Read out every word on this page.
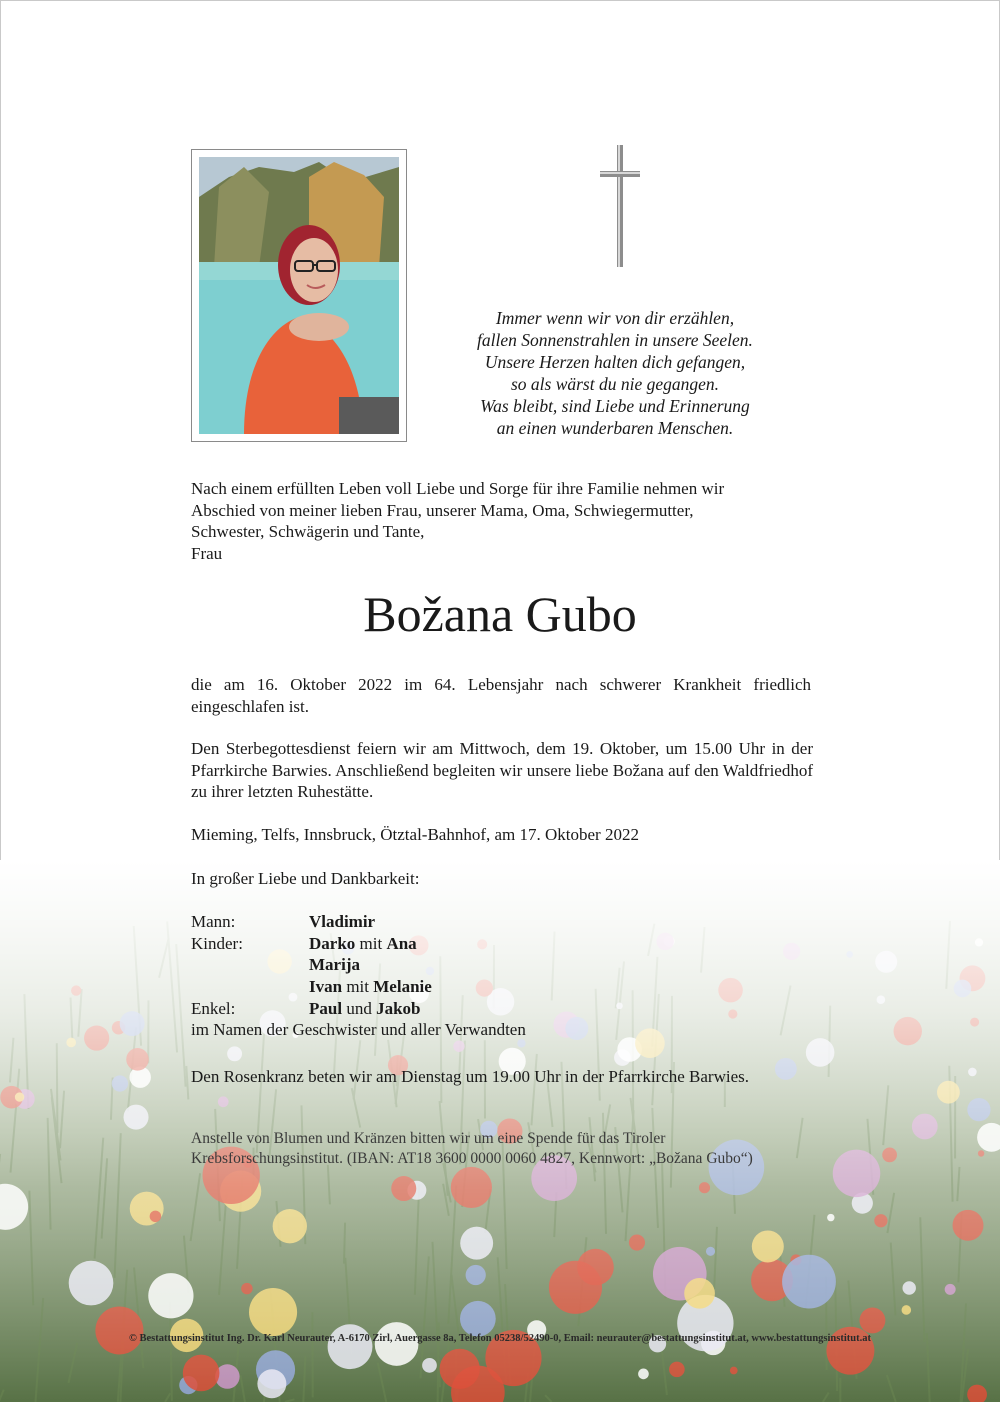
Immer wenn wir von dir erzählen,
fallen Sonnenstrahlen in unsere Seelen.
Unsere Herzen halten dich gefangen,
so als wärst du nie gegangen.
Was bleibt, sind Liebe und Erinnerung
an einen wunderbaren Menschen.
Nach einem erfüllten Leben voll Liebe und Sorge für ihre Familie nehmen wir
Abschied von meiner lieben Frau, unserer Mama, Oma, Schwiegermutter,
Schwester, Schwägerin und Tante,
Frau
Božana Gubo
die am 16. Oktober 2022 im 64. Lebensjahr nach schwerer Krankheit friedlich eingeschlafen ist.
Den Sterbegottesdienst feiern wir am Mittwoch, dem 19. Oktober, um 15.00 Uhr in der Pfarrkirche Barwies. Anschließend begleiten wir unsere liebe Božana auf den Waldfriedhof zu ihrer letzten Ruhestätte.
Mieming, Telfs, Innsbruck, Ötztal-Bahnhof, am 17. Oktober 2022
In großer Liebe und Dankbarkeit:
Mann:	Vladimir
Kinder:	Darko mit Ana
Marija
Ivan mit Melanie
Enkel:	Paul und Jakob
im Namen der Geschwister und aller Verwandten
Den Rosenkranz beten wir am Dienstag um 19.00 Uhr in der Pfarrkirche Barwies.
Anstelle von Blumen und Kränzen bitten wir um eine Spende für das Tiroler
Krebsforschungsinstitut. (IBAN: AT18 3600 0000 0060 4827, Kennwort: „Božana Gubo“)
© Bestattungsinstitut Ing. Dr. Karl Neurauter, A-6170 Zirl, Auergasse 8a, Telefon 05238/52490-0, Email: neurauter@bestattungsinstitut.at, www.bestattungsinstitut.at
